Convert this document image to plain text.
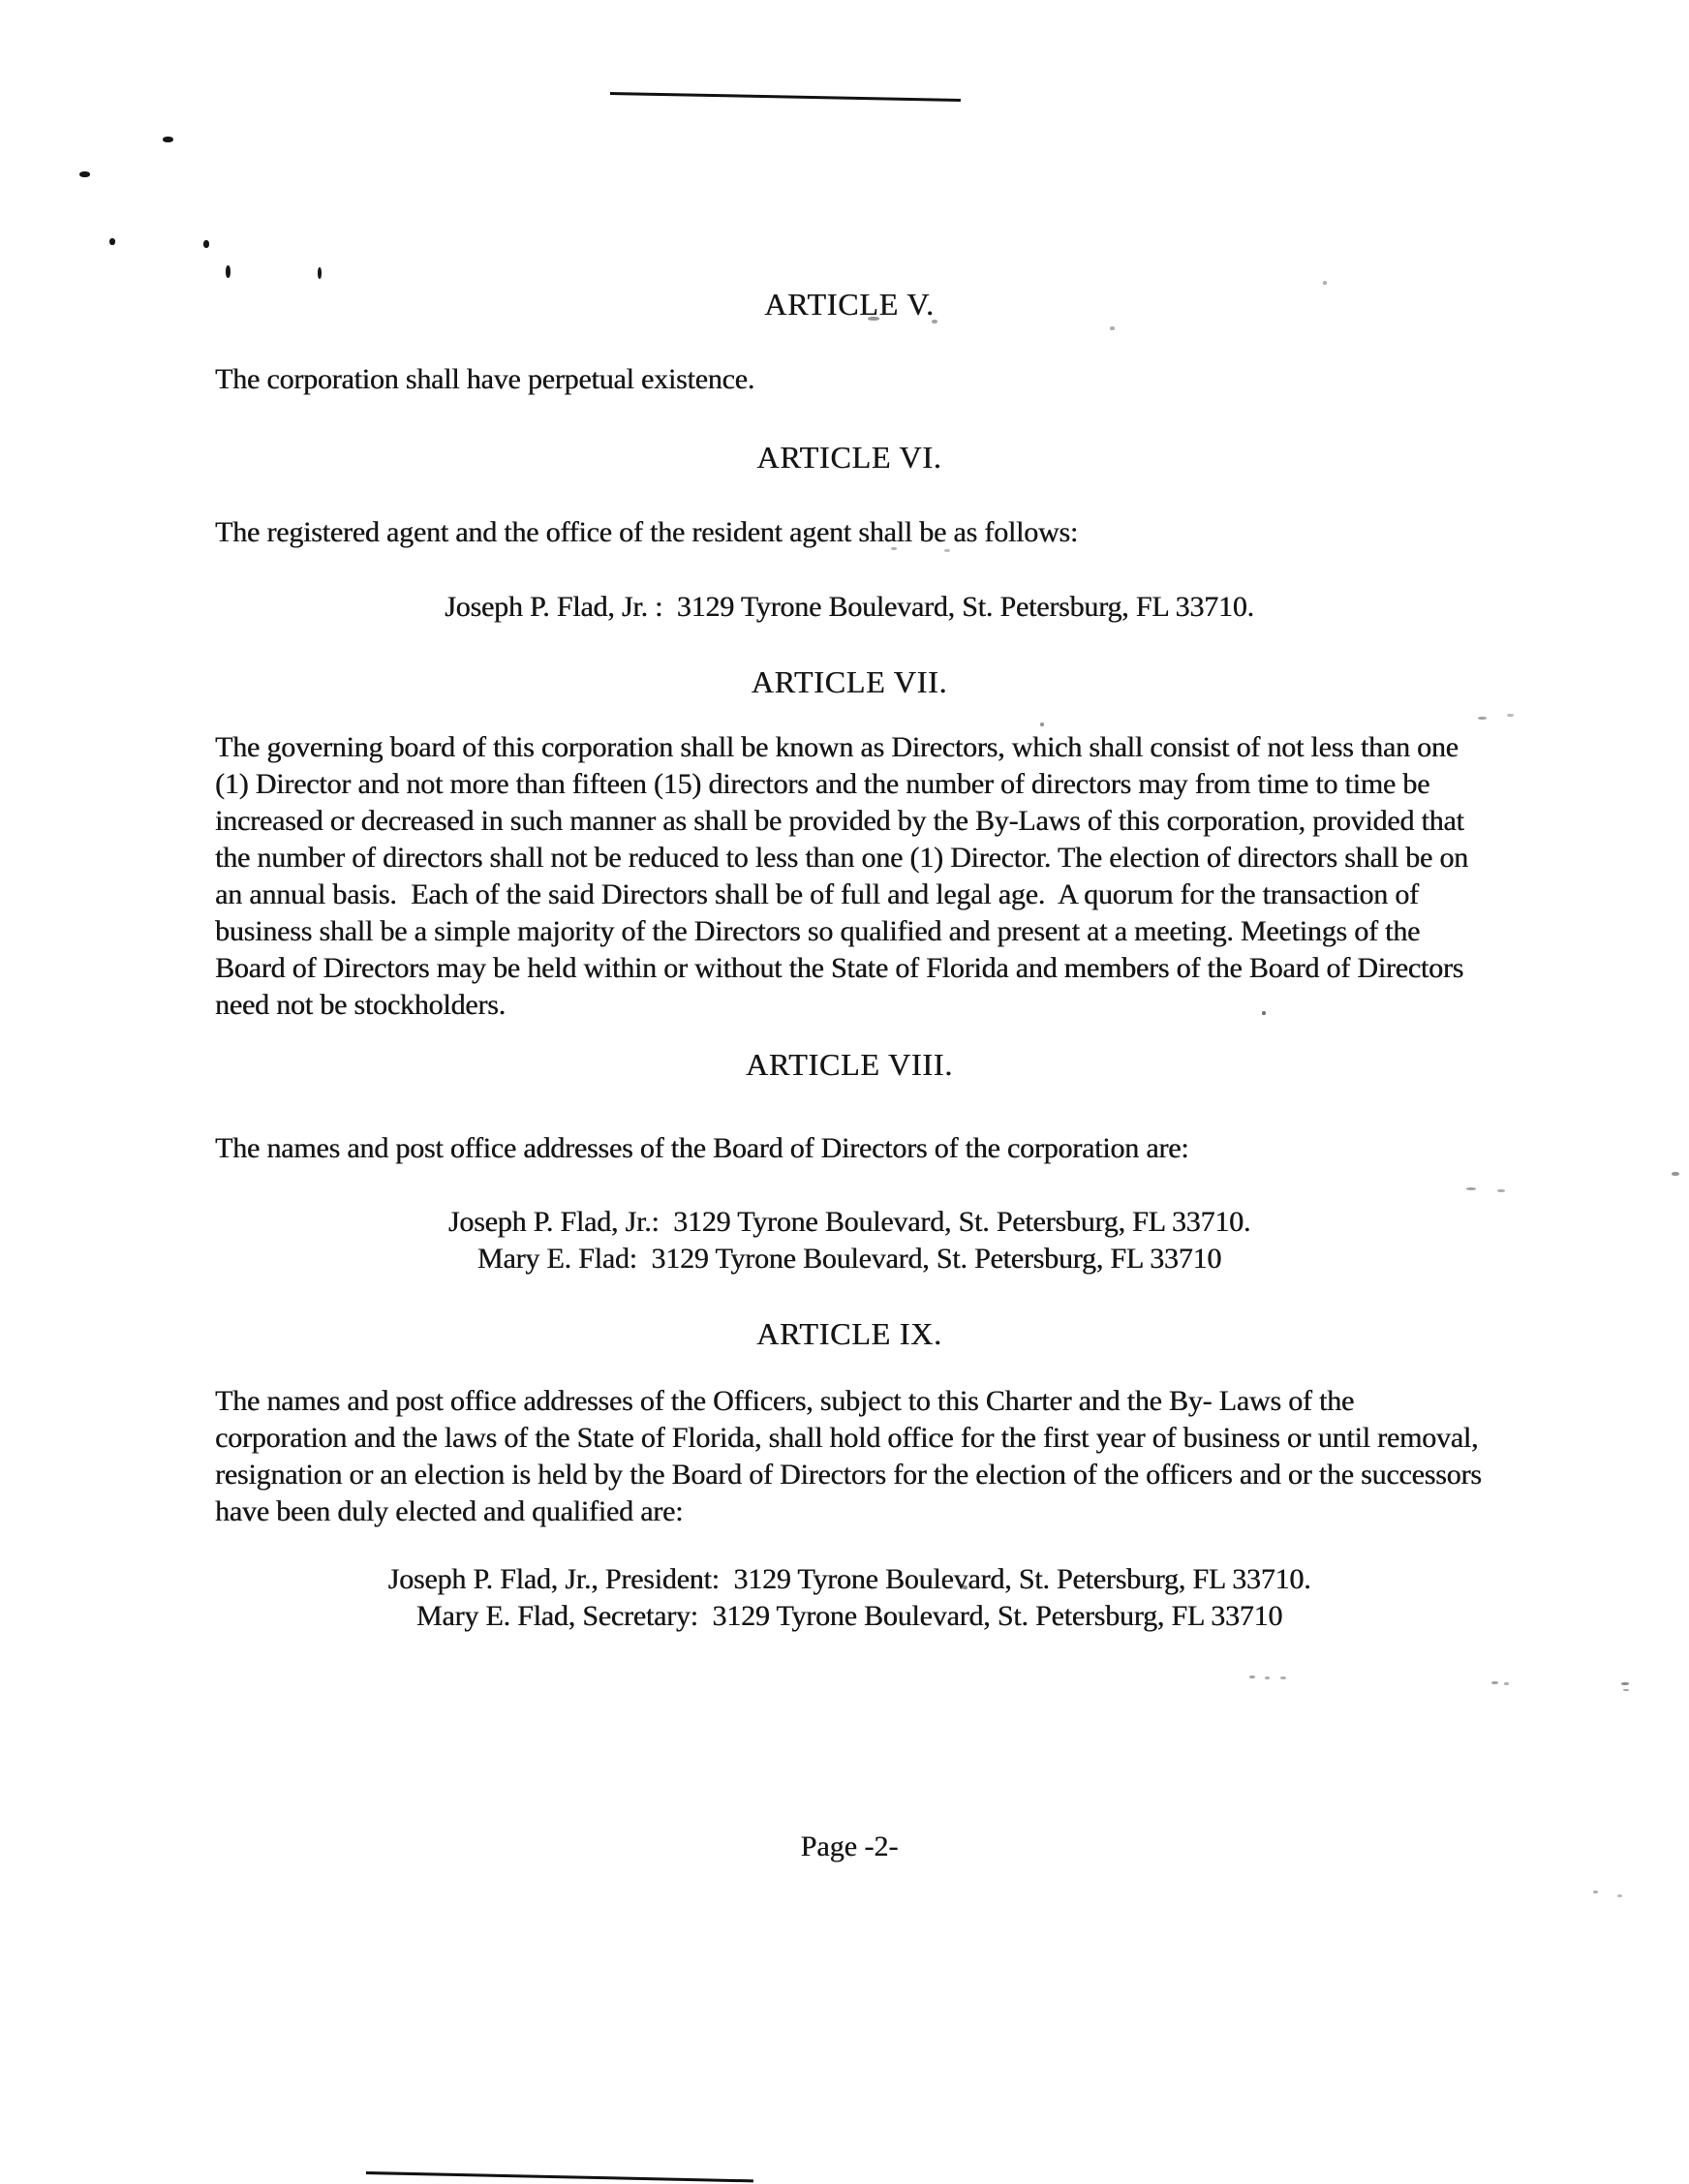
ARTICLE V.

The corporation shall have perpetual existence.

ARTICLE VI.

The registered agent and the office of the resident agent shall be as follows:

Joseph P. Flad, Jr. :  3129 Tyrone Boulevard, St. Petersburg, FL 33710.

ARTICLE VII.

The governing board of this corporation shall be known as Directors, which shall consist of not less than one (1) Director and not more than fifteen (15) directors and the number of directors may from time to time be increased or decreased in such manner as shall be provided by the By-Laws of this corporation, provided that the number of directors shall not be reduced to less than one (1) Director. The election of directors shall be on an annual basis.  Each of the said Directors shall be of full and legal age.  A quorum for the transaction of business shall be a simple majority of the Directors so qualified and present at a meeting. Meetings of the Board of Directors may be held within or without the State of Florida and members of the Board of Directors need not be stockholders.

ARTICLE VIII.

The names and post office addresses of the Board of Directors of the corporation are:

Joseph P. Flad, Jr.:  3129 Tyrone Boulevard, St. Petersburg, FL 33710.

Mary E. Flad:  3129 Tyrone Boulevard, St. Petersburg, FL 33710

ARTICLE IX.

The names and post office addresses of the Officers, subject to this Charter and the By- Laws of the corporation and the laws of the State of Florida, shall hold office for the first year of business or until removal, resignation or an election is held by the Board of Directors for the election of the officers and or the successors have been duly elected and qualified are:

Joseph P. Flad, Jr., President:  3129 Tyrone Boulevard, St. Petersburg, FL 33710.

Mary E. Flad, Secretary:  3129 Tyrone Boulevard, St. Petersburg, FL 33710

Page -2-
